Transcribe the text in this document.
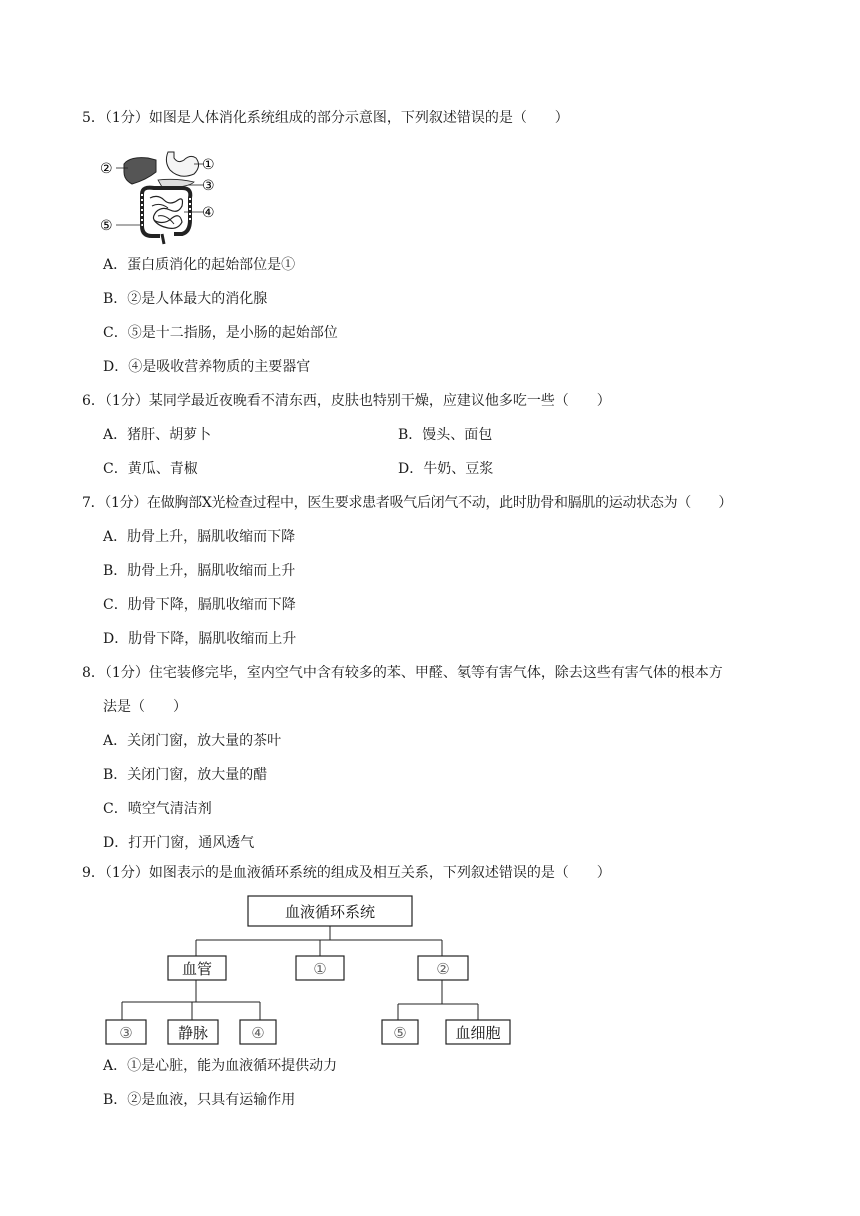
5．（1分）如图是人体消化系统组成的部分示意图，下列叙述错误的是（　　）
①
②
③
④
⑤
A．蛋白质消化的起始部位是①
B．②是人体最大的消化腺
C．⑤是十二指肠，是小肠的起始部位
D．④是吸收营养物质的主要器官
6．（1分）某同学最近夜晚看不清东西，皮肤也特别干燥，应建议他多吃一些（　　）
A．猪肝、胡萝卜	B．馒头、面包
C．黄瓜、青椒	D．牛奶、豆浆
7．（1分）在做胸部X光检查过程中，医生要求患者吸气后闭气不动，此时肋骨和膈肌的运动状态为（　　）
A．肋骨上升，膈肌收缩而下降
B．肋骨上升，膈肌收缩而上升
C．肋骨下降，膈肌收缩而下降
D．肋骨下降，膈肌收缩而上升
8．（1分）住宅装修完毕，室内空气中含有较多的苯、甲醛、氡等有害气体，除去这些有害气体的根本方
法是（　　）
A．关闭门窗，放大量的茶叶
B．关闭门窗，放大量的醋
C．喷空气清洁剂
D．打开门窗，通风透气
9．（1分）如图表示的是血液循环系统的组成及相互关系，下列叙述错误的是（　　）
血液循环系统
血管	①	②
③	静脉	④	⑤	血细胞
A．①是心脏，能为血液循环提供动力
B．②是血液，只具有运输作用
